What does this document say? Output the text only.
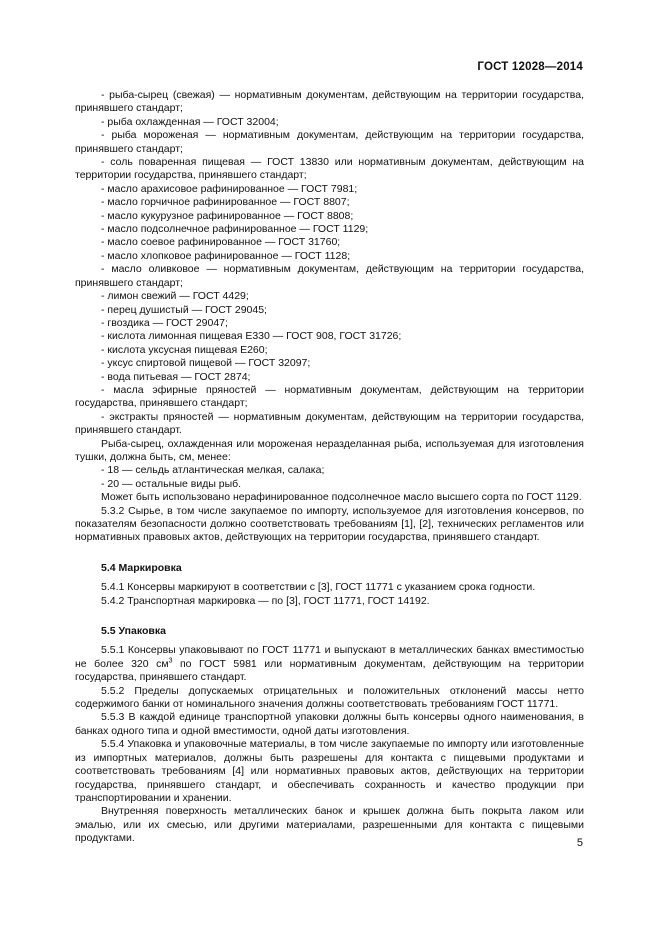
ГОСТ 12028—2014

- рыба-сырец (свежая) — нормативным документам, действующим на территории государства, принявшего стандарт;

- рыба охлажденная — ГОСТ 32004;

- рыба мороженая — нормативным документам, действующим на территории государства, принявшего стандарт;

- соль поваренная пищевая — ГОСТ 13830 или нормативным документам, действующим на территории государства, принявшего стандарт;

- масло арахисовое рафинированное — ГОСТ 7981;

- масло горчичное рафинированное — ГОСТ 8807;

- масло кукурузное рафинированное — ГОСТ 8808;

- масло подсолнечное рафинированное — ГОСТ 1129;

- масло соевое рафинированное — ГОСТ 31760;

- масло хлопковое рафинированное — ГОСТ 1128;

- масло оливковое — нормативным документам, действующим на территории государства, принявшего стандарт;

- лимон свежий — ГОСТ 4429;

- перец душистый — ГОСТ 29045;

- гвоздика — ГОСТ 29047;

- кислота лимонная пищевая Е330 — ГОСТ 908, ГОСТ 31726;

- кислота уксусная пищевая Е260;

- уксус спиртовой пищевой — ГОСТ 32097;

- вода питьевая — ГОСТ 2874;

- масла эфирные пряностей — нормативным документам, действующим на территории государства, принявшего стандарт;

- экстракты пряностей — нормативным документам, действующим на территории государства, принявшего стандарт.

Рыба-сырец, охлажденная или мороженая неразделанная рыба, используемая для изготовления тушки, должна быть, см, менее:

- 18 — сельдь атлантическая мелкая, салака;

- 20 — остальные виды рыб.

Может быть использовано нерафинированное подсолнечное масло высшего сорта по ГОСТ 1129.

5.3.2 Сырье, в том числе закупаемое по импорту, используемое для изготовления консервов, по показателям безопасности должно соответствовать требованиям [1], [2], технических регламентов или нормативных правовых актов, действующих на территории государства, принявшего стандарт.

5.4 Маркировка

5.4.1 Консервы маркируют в соответствии с [3], ГОСТ 11771 с указанием срока годности.

5.4.2 Транспортная маркировка — по [3], ГОСТ 11771, ГОСТ 14192.

5.5 Упаковка

5.5.1 Консервы упаковывают по ГОСТ 11771 и выпускают в металлических банках вместимостью не более 320 $см^3$ по ГОСТ 5981 или нормативным документам, действующим на территории государства, принявшего стандарт.

5.5.2 Пределы допускаемых отрицательных и положительных отклонений массы нетто содержимого банки от номинального значения должны соответствовать требованиям ГОСТ 11771.

5.5.3 В каждой единице транспортной упаковки должны быть консервы одного наименования, в банках одного типа и одной вместимости, одной даты изготовления.

5.5.4 Упаковка и упаковочные материалы, в том числе закупаемые по импорту или изготовленные из импортных материалов, должны быть разрешены для контакта с пищевыми продуктами и соответствовать требованиям [4] или нормативных правовых актов, действующих на территории государства, принявшего стандарт, и обеспечивать сохранность и качество продукции при транспортировании и хранении.

Внутренняя поверхность металлических банок и крышек должна быть покрыта лаком или эмалью, или их смесью, или другими материалами, разрешенными для контакта с пищевыми продуктами.	5
